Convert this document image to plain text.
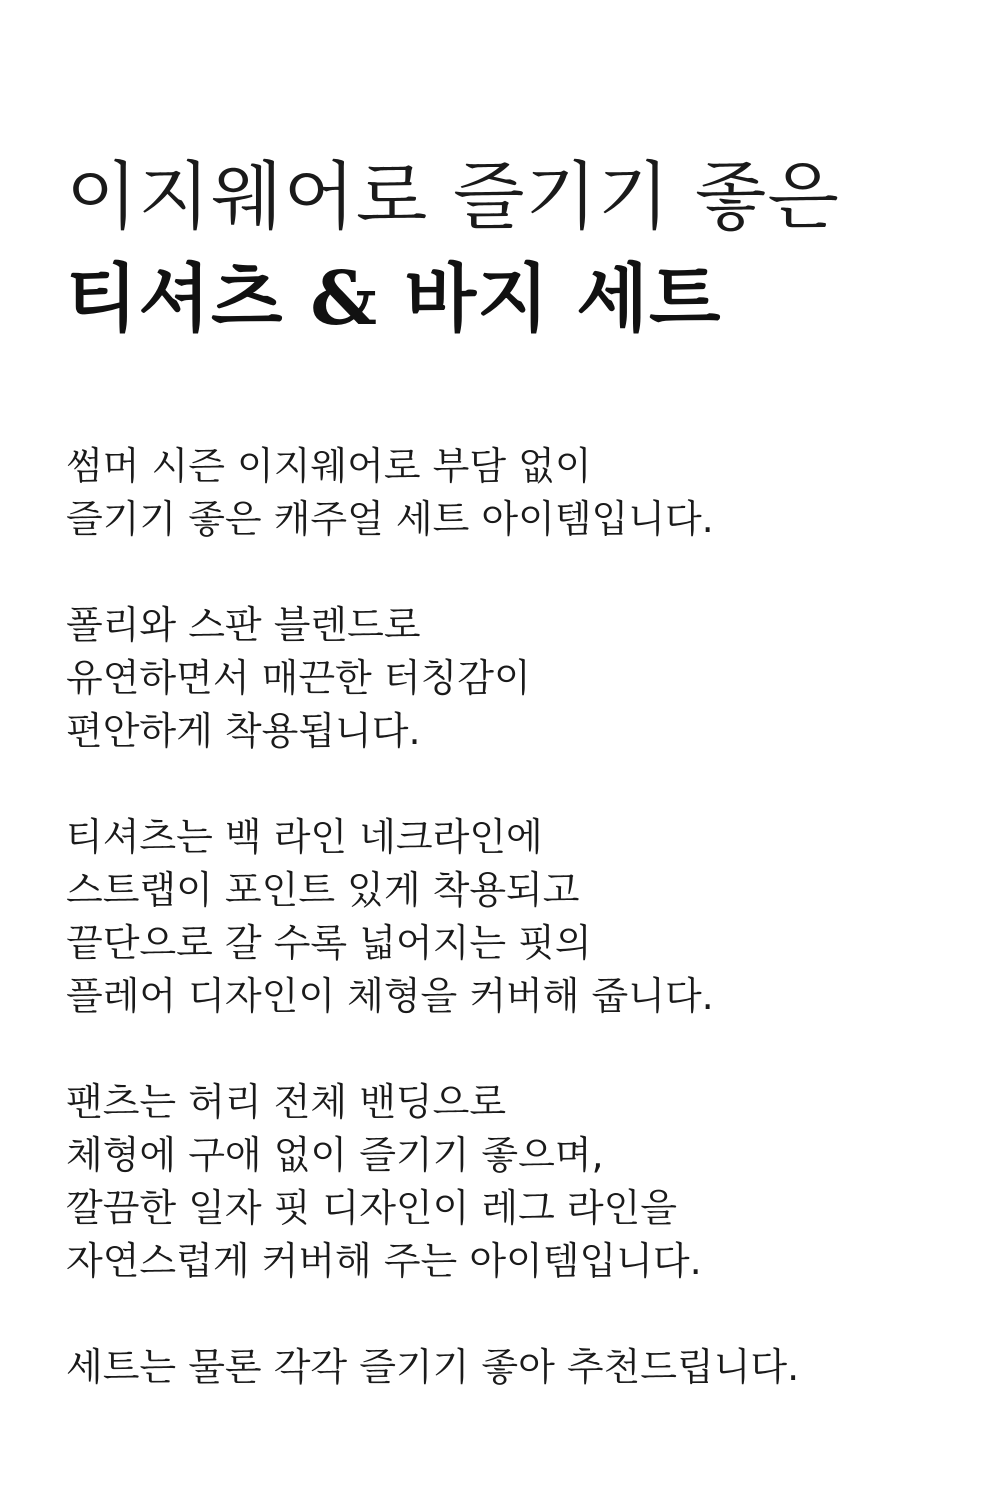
이지웨어로 즐기기 좋은
티셔츠 & 바지 세트
썸머 시즌 이지웨어로 부담 없이
즐기기 좋은 캐주얼 세트 아이템입니다.
폴리와 스판 블렌드로
유연하면서 매끈한 터칭감이
편안하게 착용됩니다.
티셔츠는 백 라인 네크라인에
스트랩이 포인트 있게 착용되고
끝단으로 갈 수록 넓어지는 핏의
플레어 디자인이 체형을 커버해 줍니다.
팬츠는 허리 전체 밴딩으로
체형에 구애 없이 즐기기 좋으며,
깔끔한 일자 핏 디자인이 레그 라인을
자연스럽게 커버해 주는 아이템입니다.
세트는 물론 각각 즐기기 좋아 추천드립니다.
